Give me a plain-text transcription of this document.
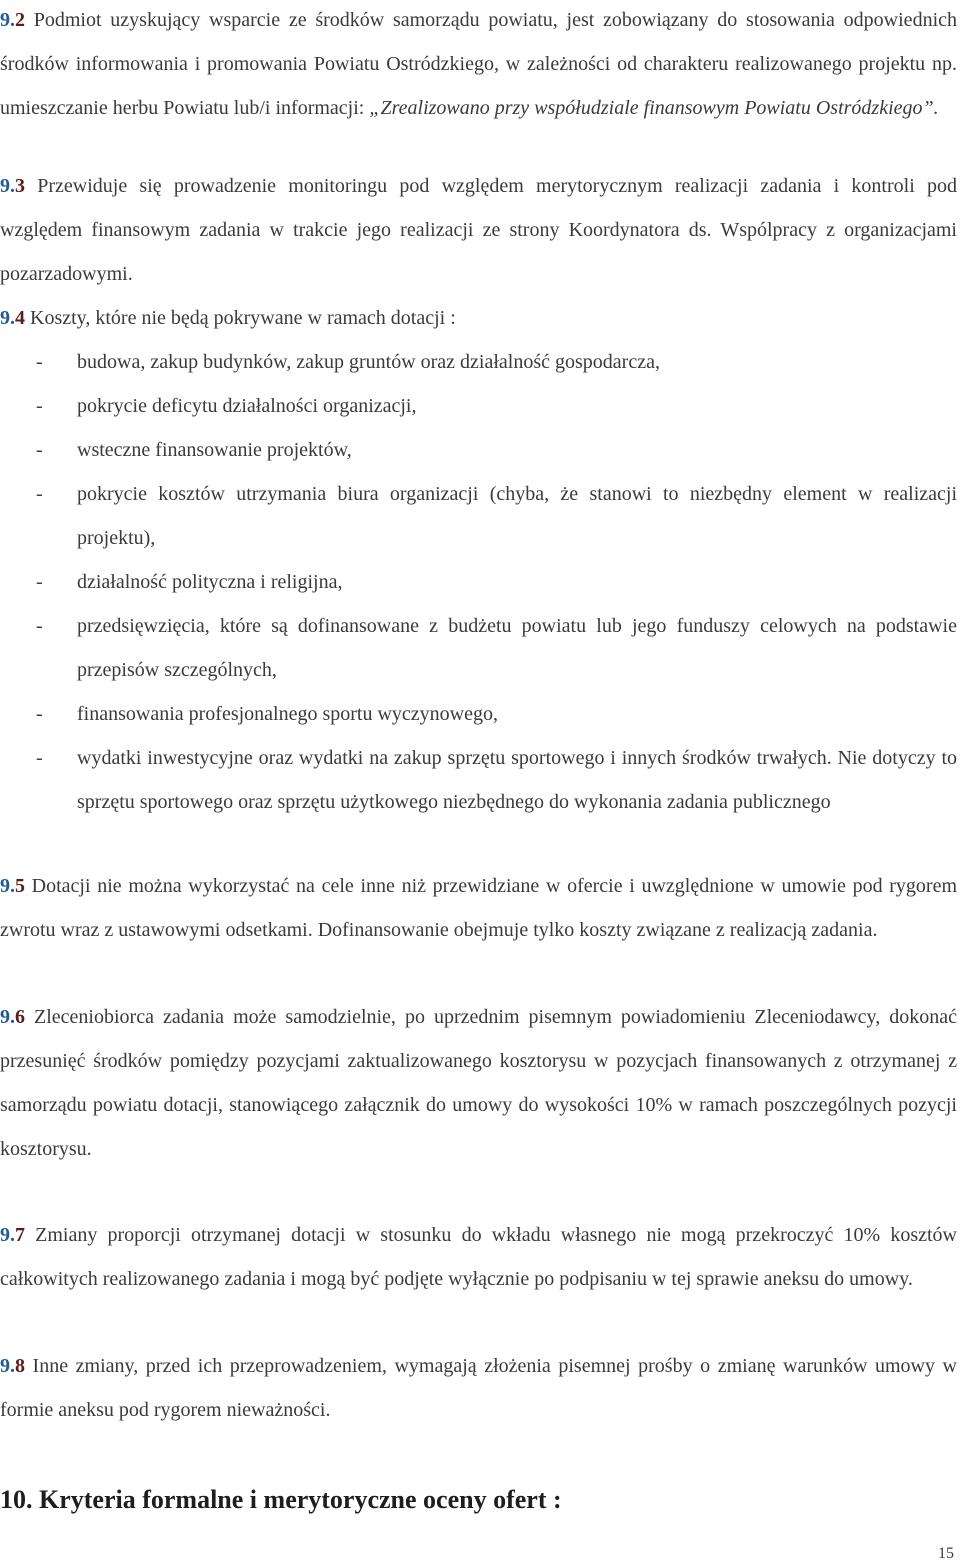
9.2 Podmiot uzyskujący wsparcie ze środków samorządu powiatu, jest zobowiązany do stosowania odpowiednich środków informowania i promowania Powiatu Ostródzkiego, w zależności od charakteru realizowanego projektu np. umieszczanie herbu Powiatu lub/i informacji: „Zrealizowano przy współudziale finansowym Powiatu Ostródzkiego”.

9.3 Przewiduje się prowadzenie monitoringu pod względem merytorycznym realizacji zadania i kontroli pod względem finansowym zadania w trakcie jego realizacji ze strony Koordynatora ds. Wspólpracy z organizacjami pozarzadowymi.

9.4 Koszty, które nie będą pokrywane w ramach dotacji :

- budowa, zakup budynków, zakup gruntów oraz działalność gospodarcza,
- pokrycie deficytu działalności organizacji,
- wsteczne finansowanie projektów,
- pokrycie kosztów utrzymania biura organizacji (chyba, że stanowi to niezbędny element w realizacji projektu),
- działalność polityczna i religijna,
- przedsięwzięcia, które są dofinansowane z budżetu powiatu lub jego funduszy celowych na podstawie przepisów szczególnych,
- finansowania profesjonalnego sportu wyczynowego,
- wydatki inwestycyjne oraz wydatki na zakup sprzętu sportowego i innych środków trwałych. Nie dotyczy to sprzętu sportowego oraz sprzętu użytkowego niezbędnego do wykonania zadania publicznego

9.5 Dotacji nie można wykorzystać na cele inne niż przewidziane w ofercie i uwzględnione w umowie pod rygorem zwrotu wraz z ustawowymi odsetkami. Dofinansowanie obejmuje tylko koszty związane z realizacją zadania.

9.6 Zleceniobiorca zadania może samodzielnie, po uprzednim pisemnym powiadomieniu Zleceniodawcy, dokonać przesunięć środków pomiędzy pozycjami zaktualizowanego kosztorysu w pozycjach finansowanych z otrzymanej z samorządu powiatu dotacji, stanowiącego załącznik do umowy do wysokości 10% w ramach poszczególnych pozycji kosztorysu.

9.7 Zmiany proporcji otrzymanej dotacji w stosunku do wkładu własnego nie mogą przekroczyć 10% kosztów całkowitych realizowanego zadania i mogą być podjęte wyłącznie po podpisaniu w tej sprawie aneksu do umowy.

9.8 Inne zmiany, przed ich przeprowadzeniem, wymagają złożenia pisemnej prośby o zmianę warunków umowy w formie aneksu pod rygorem nieważności.

10. Kryteria formalne i merytoryczne oceny ofert :
15
